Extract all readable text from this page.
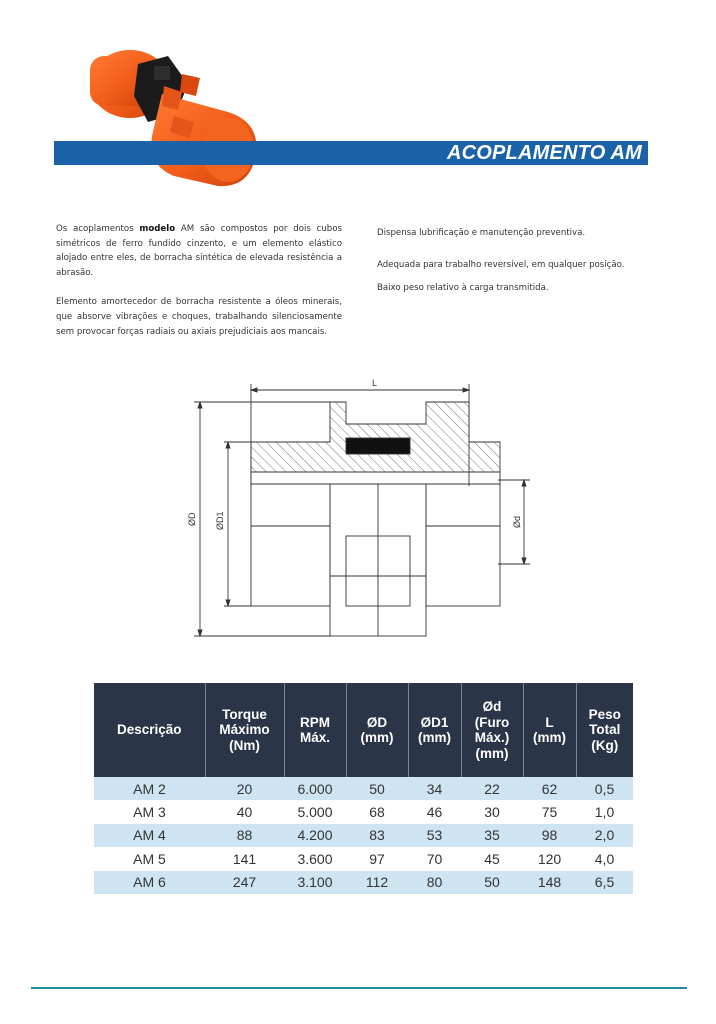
ACOPLAMENTO AM

Os acoplamentos modelo AM são compostos por dois cubos simétricos de ferro fundido cinzento, e um elemento elástico alojado entre eles, de borracha sintética de elevada resistência a abrasão.

Elemento amortecedor de borracha resistente a óleos minerais, que absorve vibrações e choques, trabalhando silenciosamente sem provocar forças radiais ou axiais prejudiciais aos mancais.

Dispensa lubrificação e manutenção preventiva.

Adequada para trabalho reversível, em qualquer posição.

Baixo peso relativo à carga transmitida.

L
ØD ØD1	Ød
Descrição	Torque
Máximo
(Nm)	RPM
Máx.	ØD
(mm)	ØD1
(mm)	Ød
(Furo
Máx.)
(mm)	L
(mm)	Peso
Total
(Kg)
AM 2	20	6.000	50	34	22	62	0,5
AM 3	40	5.000	68	46	30	75	1,0
AM 4	88	4.200	83	53	35	98	2,0
AM 5	141	3.600	97	70	45	120	4,0
AM 6	247	3.100	112	80	50	148	6,5
